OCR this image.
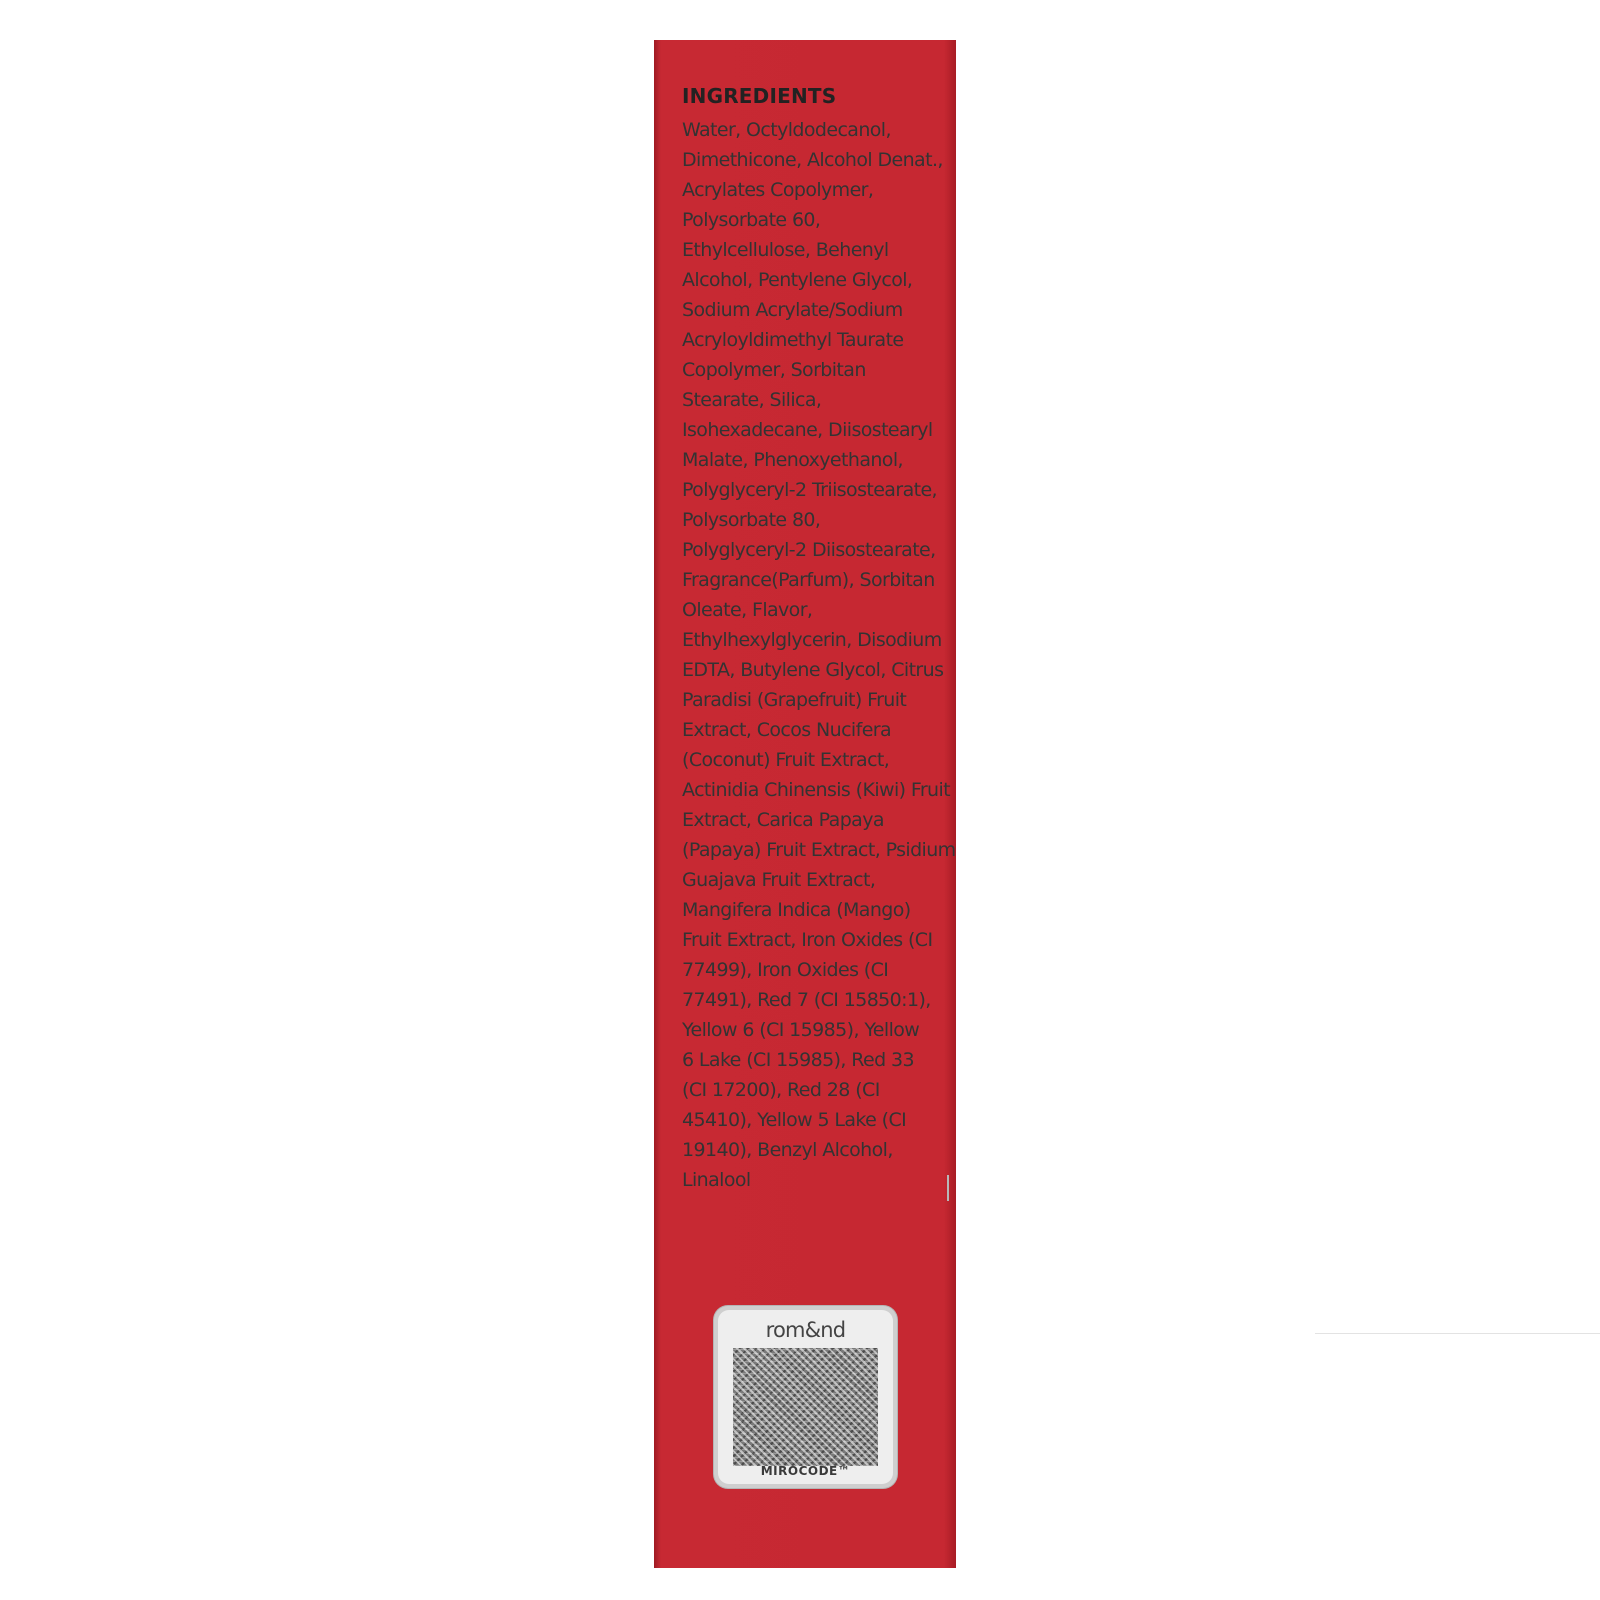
INGREDIENTS
Water, Octyldodecanol,
Dimethicone, Alcohol Denat.,
Acrylates Copolymer,
Polysorbate 60,
Ethylcellulose, Behenyl
Alcohol, Pentylene Glycol,
Sodium Acrylate/Sodium
Acryloyldimethyl Taurate
Copolymer, Sorbitan
Stearate, Silica,
Isohexadecane, Diisostearyl
Malate, Phenoxyethanol,
Polyglyceryl-2 Triisostearate,
Polysorbate 80,
Polyglyceryl-2 Diisostearate,
Fragrance(Parfum), Sorbitan
Oleate, Flavor,
Ethylhexylglycerin, Disodium
EDTA, Butylene Glycol, Citrus
Paradisi (Grapefruit) Fruit
Extract, Cocos Nucifera
(Coconut) Fruit Extract,
Actinidia Chinensis (Kiwi) Fruit
Extract, Carica Papaya
(Papaya) Fruit Extract, Psidium
Guajava Fruit Extract,
Mangifera Indica (Mango)
Fruit Extract, Iron Oxides (CI
77499), Iron Oxides (CI
77491), Red 7 (CI 15850:1),
Yellow 6 (CI 15985), Yellow
6 Lake (CI 15985), Red 33
(CI 17200), Red 28 (CI
45410), Yellow 5 Lake (CI
19140), Benzyl Alcohol,
Linalool
rom&nd
MIROCODE™
